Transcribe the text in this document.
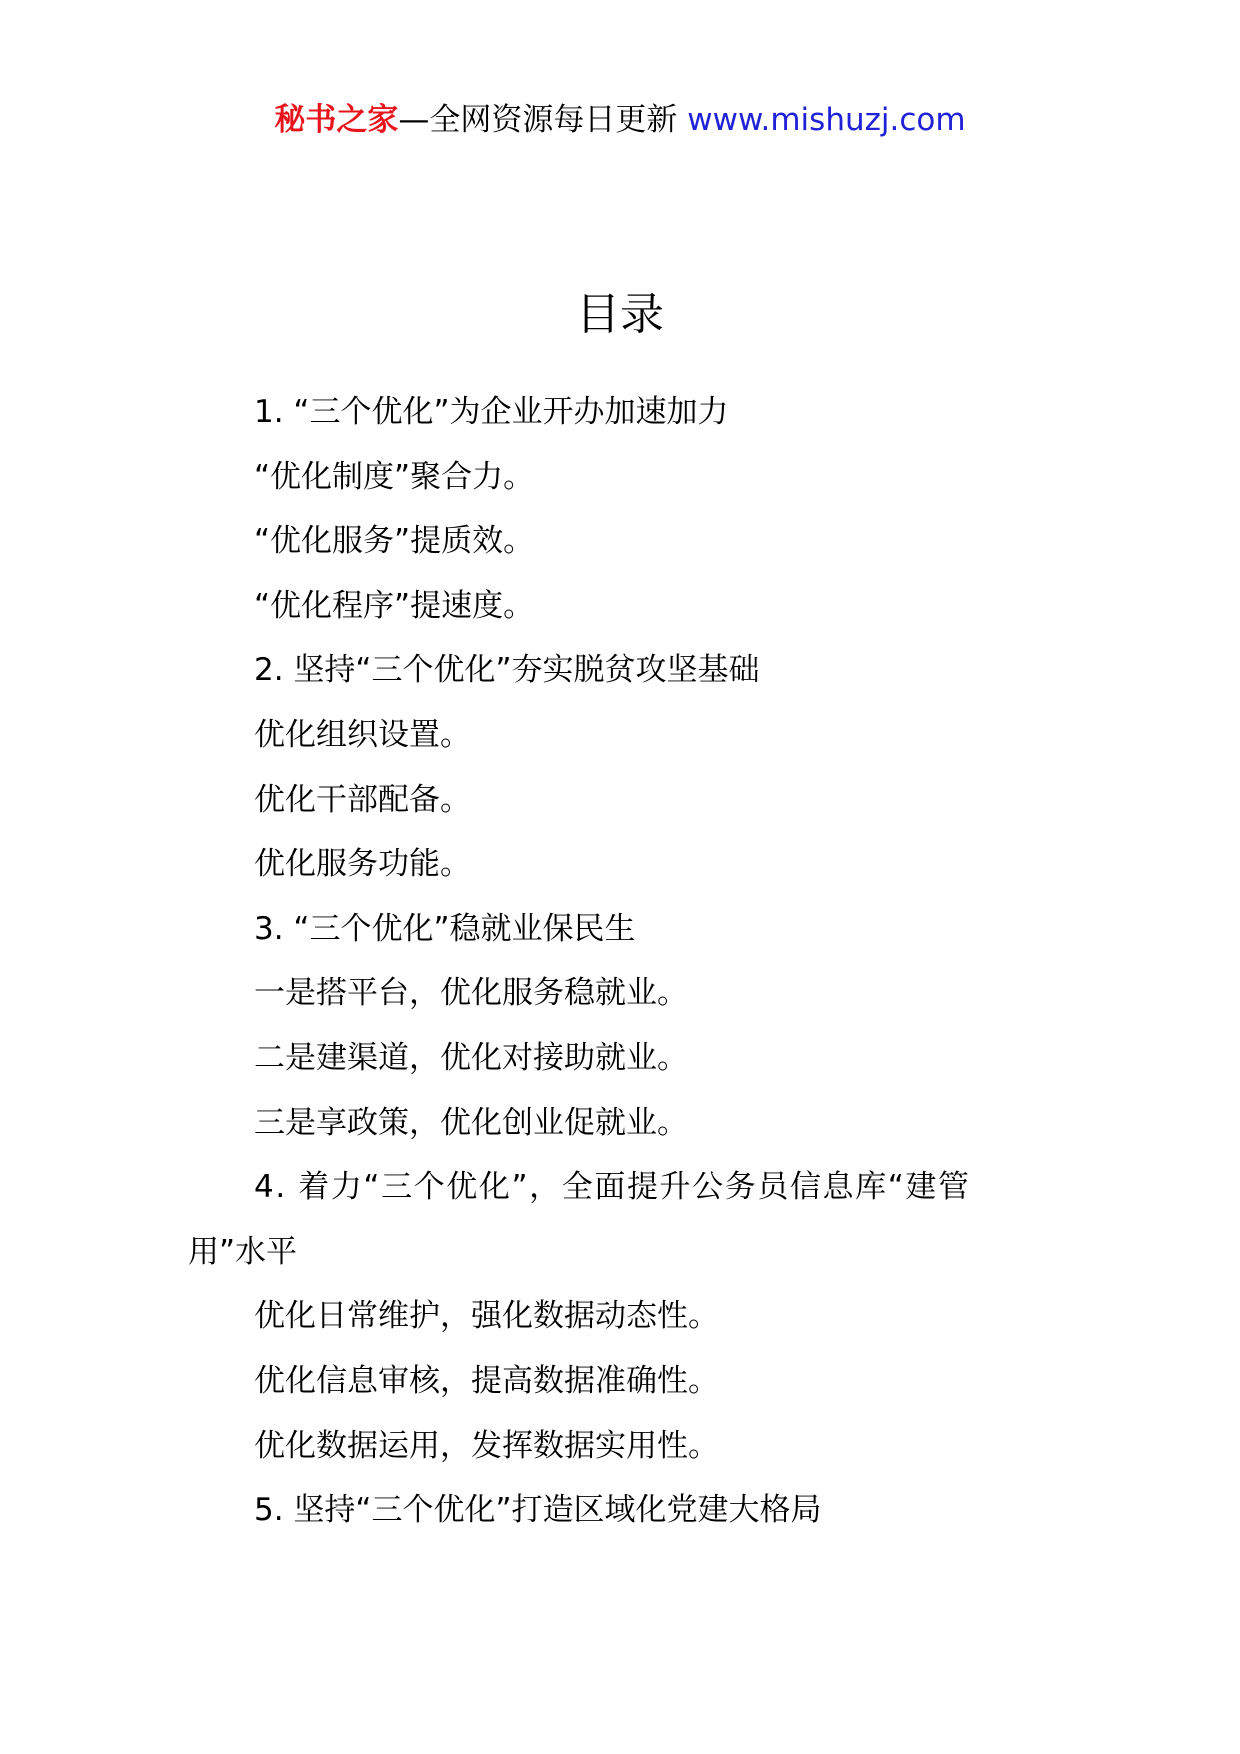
秘书之家—全网资源每日更新 www.mishuzj.com
目录
1. “三个优化”为企业开办加速加力
“优化制度”聚合力。
“优化服务”提质效。
“优化程序”提速度。
2. 坚持“三个优化”夯实脱贫攻坚基础
优化组织设置。
优化干部配备。
优化服务功能。
3. “三个优化”稳就业保民生
一是搭平台，优化服务稳就业。
二是建渠道，优化对接助就业。
三是享政策，优化创业促就业。
4. 着力“三个优化”，全面提升公务员信息库“建管
用”水平
优化日常维护，强化数据动态性。
优化信息审核，提高数据准确性。
优化数据运用，发挥数据实用性。
5. 坚持“三个优化”打造区域化党建大格局
